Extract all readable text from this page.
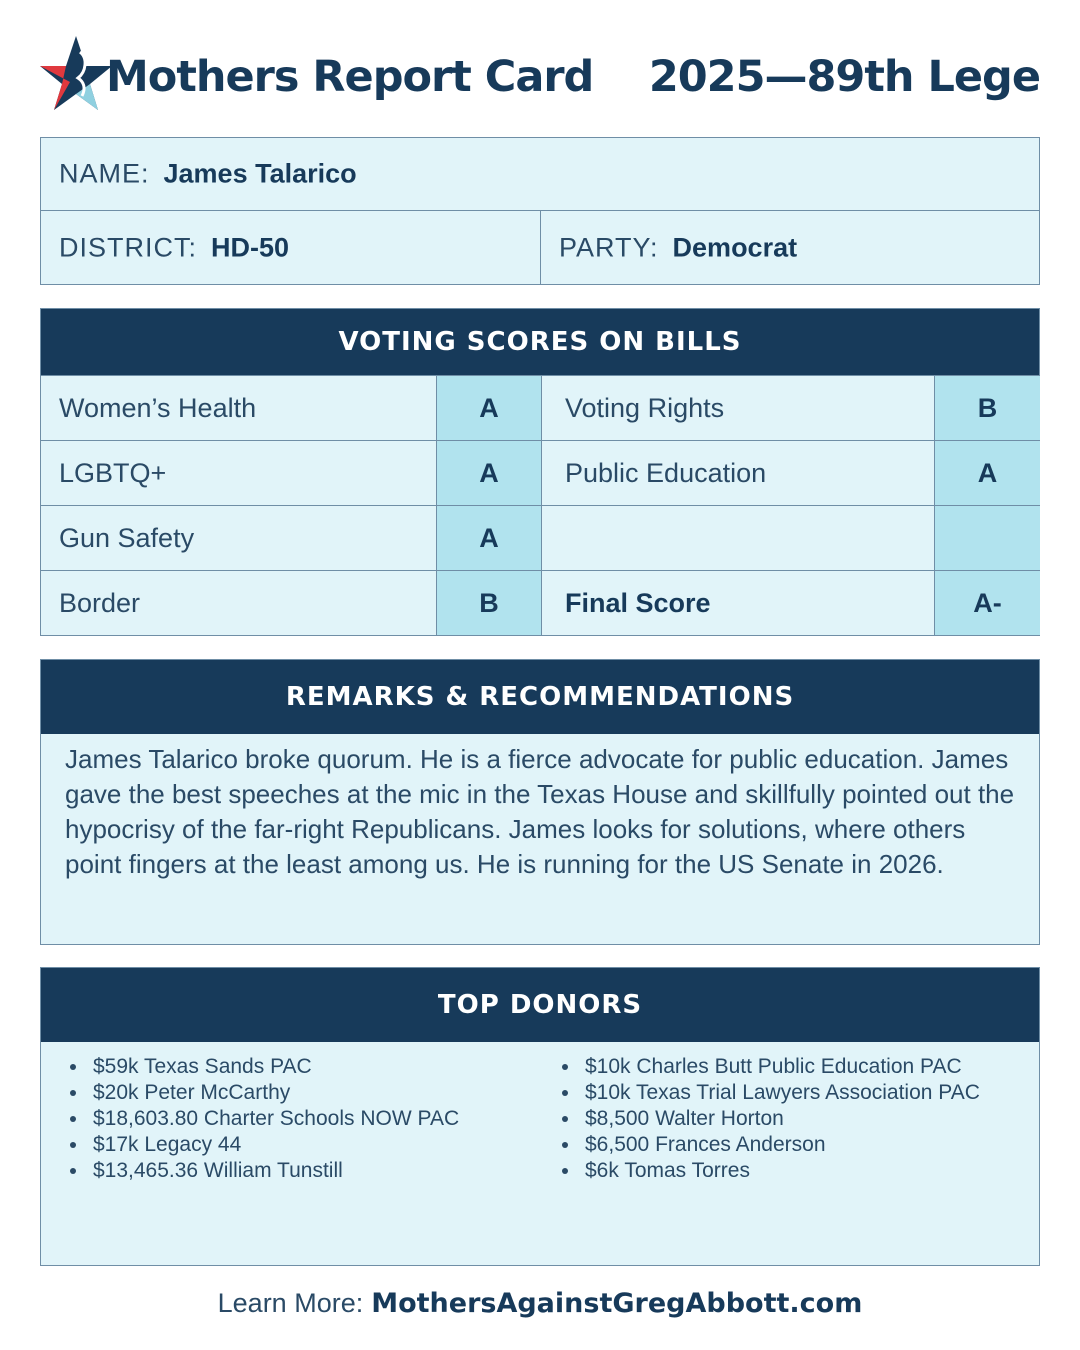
Mothers Report Card 2025—89th Lege
NAME: James Talarico
DISTRICT: HD-50	PARTY: Democrat
VOTING SCORES ON BILLS
Women’s Health	A	Voting Rights	B
LGBTQ+	A	Public Education	A
Gun Safety	A
Border	B	Final Score	A-
REMARKS & RECOMMENDATIONS
James Talarico broke quorum. He is a fierce advocate for public education. James gave the best speeches at the mic in the Texas House and skillfully pointed out the hypocrisy of the far-right Republicans. James looks for solutions, where others point fingers at the least among us. He is running for the US Senate in 2026.
TOP DONORS
• $59k Texas Sands PAC
• $20k Peter McCarthy
• $18,603.80 Charter Schools NOW PAC
• $17k Legacy 44
• $13,465.36 William Tunstill
• $10k Charles Butt Public Education PAC
• $10k Texas Trial Lawyers Association PAC
• $8,500 Walter Horton
• $6,500 Frances Anderson
• $6k Tomas Torres
Learn More: MothersAgainstGregAbbott.com
